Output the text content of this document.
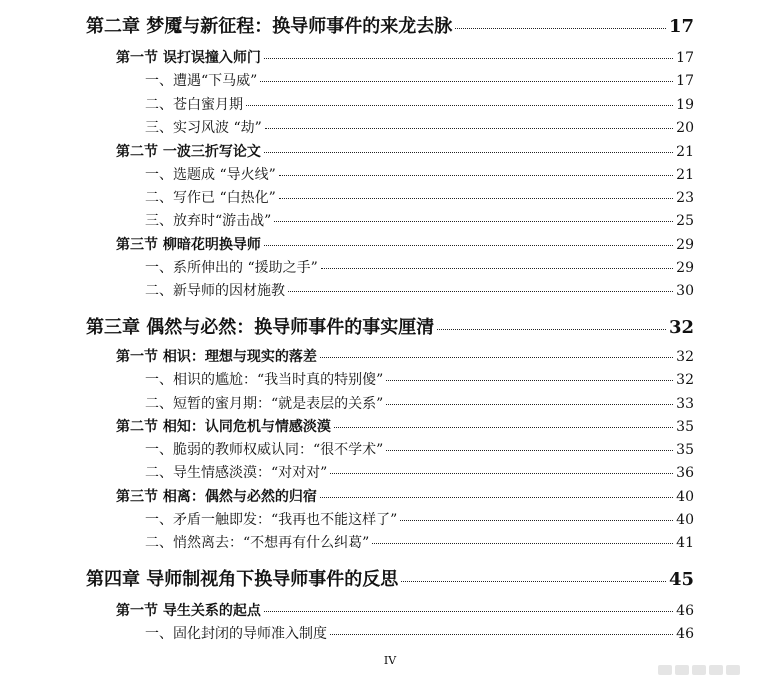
第二章 梦魇与新征程：换导师事件的来龙去脉	17
第一节 误打误撞入师门	17
一、遭遇“下马威”	17
二、苍白蜜月期	19
三、实习风波 “劫”	20
第二节 一波三折写论文	21
一、选题成 “导火线”	21
二、写作已 “白热化”	23
三、放弃时“游击战”	25
第三节 柳暗花明换导师	29
一、系所伸出的 “援助之手”	29
二、新导师的因材施教	30
第三章 偶然与必然：换导师事件的事实厘清	32
第一节 相识：理想与现实的落差	32
一、相识的尴尬：“我当时真的特别傻”	32
二、短暂的蜜月期：“就是表层的关系”	33
第二节 相知：认同危机与情感淡漠	35
一、脆弱的教师权威认同：“很不学术”	35
二、导生情感淡漠：“对对对”	36
第三节 相离：偶然与必然的归宿	40
一、矛盾一触即发：“我再也不能这样了”	40
二、悄然离去：“不想再有什么纠葛”	41
第四章 导师制视角下换导师事件的反思	45
第一节 导生关系的起点	46
一、固化封闭的导师准入制度	46
IV
